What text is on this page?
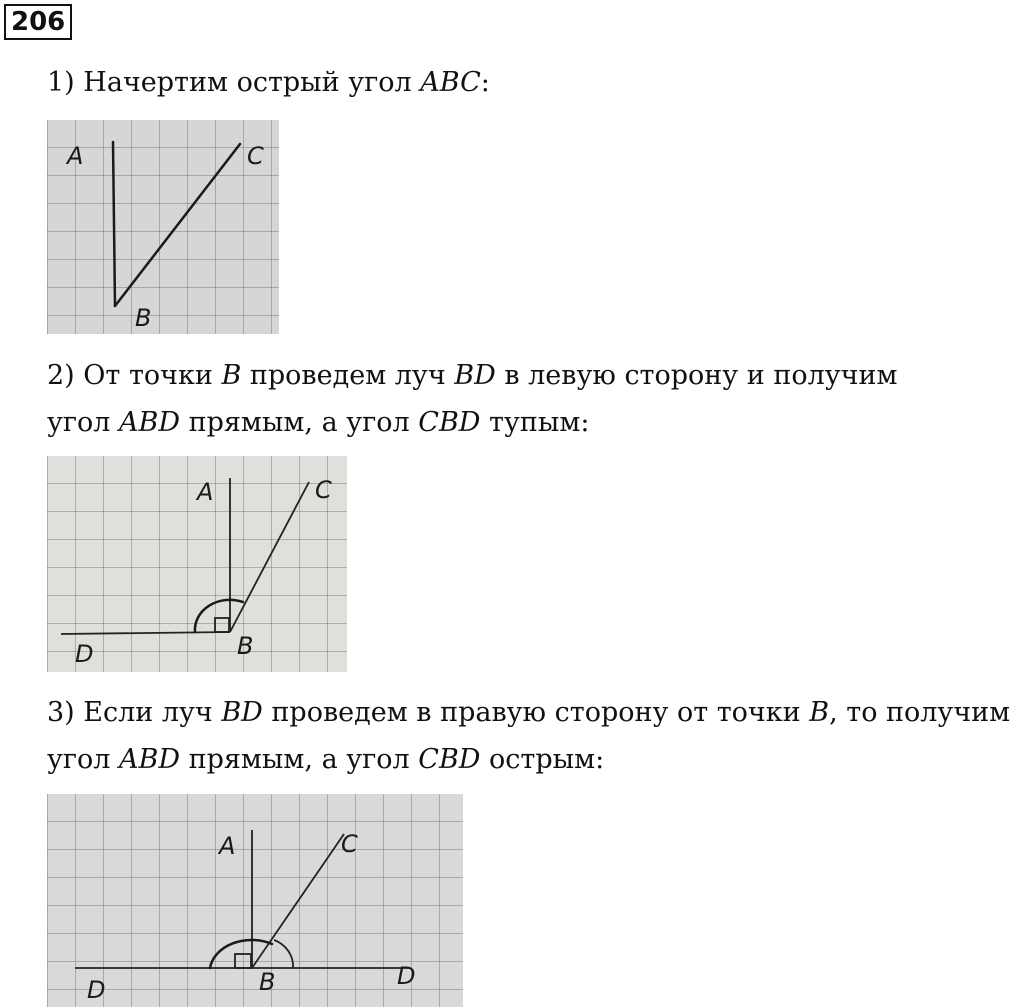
206
1) Начертим острый угол ABC:
A	C
B
2) От точки B проведем луч BD в левую сторону и получим
угол ABD прямым, а угол CBD тупым:
A	C
B
D
3) Если луч BD проведем в правую сторону от точки B, то получим
угол ABD прямым, а угол CBD острым:
A	C
B
D	D
